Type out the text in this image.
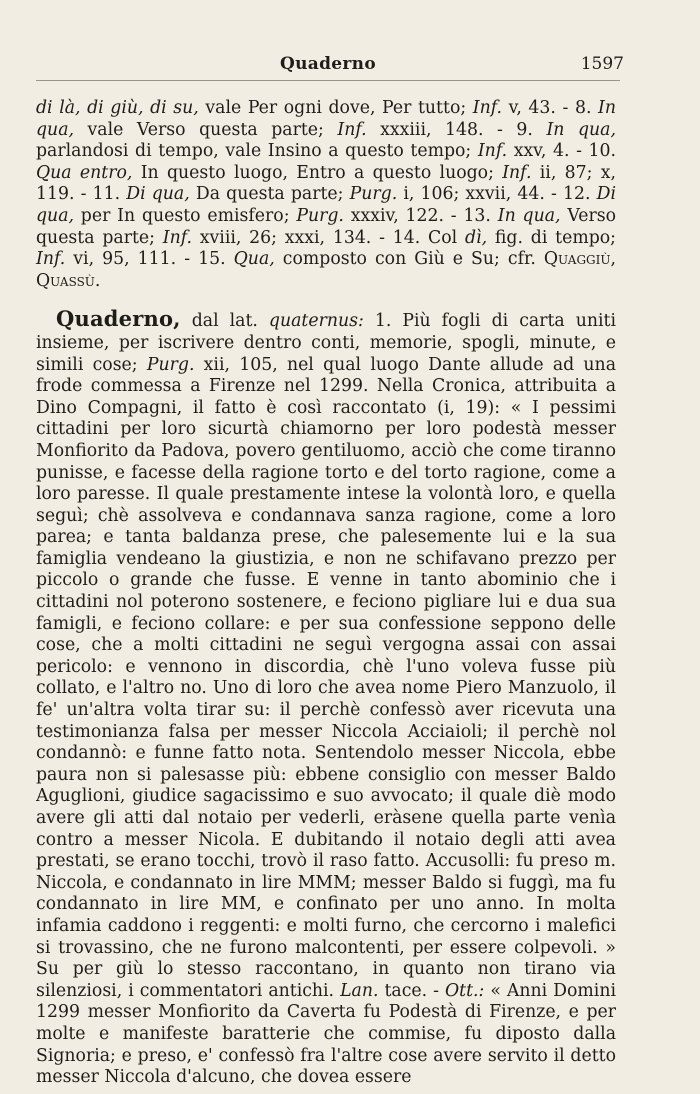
Quaderno	1597

di là, di giù, di su, vale Per ogni dove, Per tutto; Inf. v, 43. - 8. In qua, vale Verso questa parte; Inf. xxxiii, 148. - 9. In qua, parlandosi di tempo, vale Insino a questo tempo; Inf. xxv, 4. - 10. Qua entro, In questo luogo, Entro a questo luogo; Inf. ii, 87; x, 119. - 11. Di qua, Da questa parte; Purg. i, 106; xxvii, 44. - 12. Di qua, per In questo emisfero; Purg. xxxiv, 122. - 13. In qua, Verso questa parte; Inf. xviii, 26; xxxi, 134. - 14. Col dì, fig. di tempo; Inf. vi, 95, 111. - 15. Qua, composto con Giù e Su; cfr. Quaggiù, Quassù.

Quaderno, dal lat. quaternus: 1. Più fogli di carta uniti insieme, per iscrivere dentro conti, memorie, spogli, minute, e simili cose; Purg. xii, 105, nel qual luogo Dante allude ad una frode commessa a Firenze nel 1299. Nella Cronica, attribuita a Dino Compagni, il fatto è così raccontato (i, 19): « I pessimi cittadini per loro sicurtà chiamorno per loro podestà messer Monfiorito da Padova, povero gentiluomo, acciò che come tiranno punisse, e facesse della ragione torto e del torto ragione, come a loro paresse. Il quale prestamente intese la volontà loro, e quella seguì; chè assolveva e condannava sanza ragione, come a loro parea; e tanta baldanza prese, che palesemente lui e la sua famiglia vendeano la giustizia, e non ne schifavano prezzo per piccolo o grande che fusse. E venne in tanto abominio che i cittadini nol poterono sostenere, e feciono pigliare lui e dua sua famigli, e feciono collare: e per sua confessione seppono delle cose, che a molti cittadini ne seguì vergogna assai con assai pericolo: e vennono in discordia, chè l'uno voleva fusse più collato, e l'altro no. Uno di loro che avea nome Piero Manzuolo, il fe' un'altra volta tirar su: il perchè confessò aver ricevuta una testimonianza falsa per messer Niccola Acciaioli; il perchè nol condannò: e funne fatto nota. Sentendolo messer Niccola, ebbe paura non si palesasse più: ebbene consiglio con messer Baldo Aguglioni, giudice sagacissimo e suo avvocato; il quale diè modo avere gli atti dal notaio per vederli, eràsene quella parte venìa contro a messer Nicola. E dubitando il notaio degli atti avea prestati, se erano tocchi, trovò il raso fatto. Accusolli: fu preso m. Niccola, e condannato in lire MMM; messer Baldo si fuggì, ma fu condannato in lire MM, e confinato per uno anno. In molta infamia caddono i reggenti: e molti furno, che cercorno i malefici si trovassino, che ne furono malcontenti, per essere colpevoli. » Su per giù lo stesso raccontano, in quanto non tirano via silenziosi, i commentatori antichi. Lan. tace. - Ott.: « Anni Domini 1299 messer Monfiorito da Caverta fu Podestà di Firenze, e per molte e manifeste baratterie che commise, fu diposto dalla Signoria; e preso, e' confessò fra l'altre cose avere servito il detto messer Niccola d'alcuno, che dovea essere
